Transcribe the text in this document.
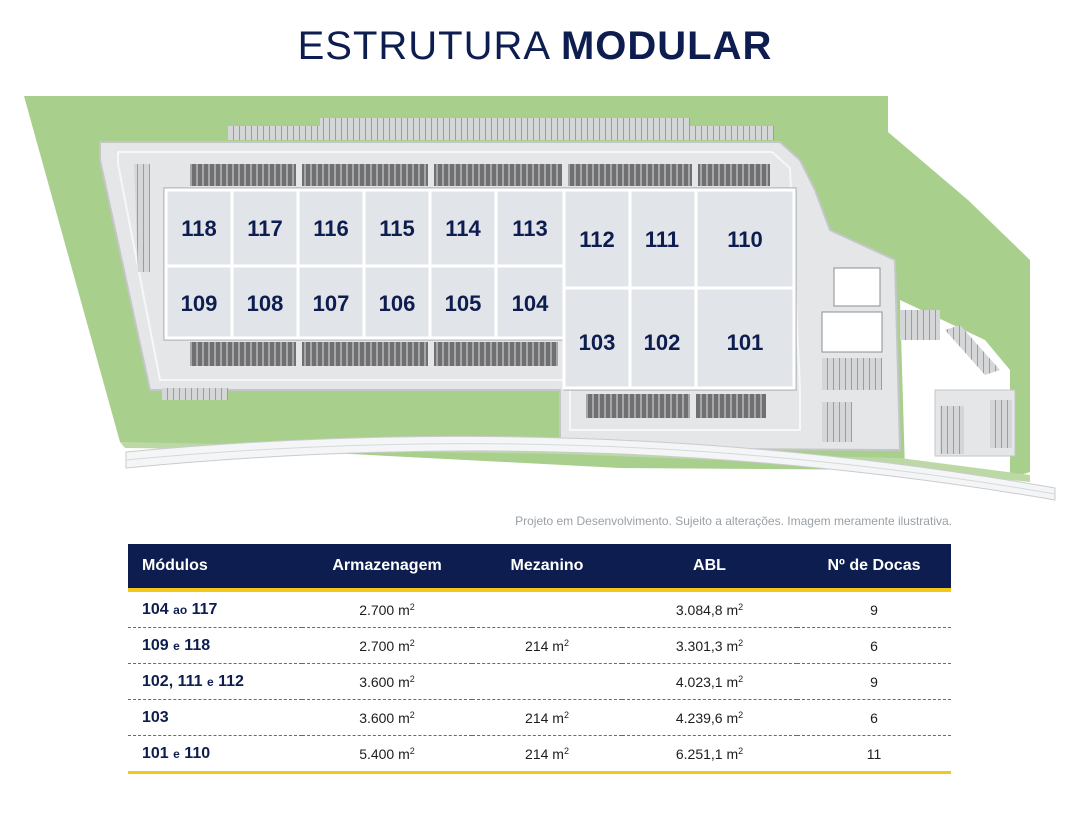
ESTRUTURA MODULAR
118 117 116 115 114 113 112 111 110
109 108 107 106 105 104
103 102 101
Projeto em Desenvolvimento. Sujeito a alterações. Imagem meramente ilustrativa.
Módulos	Armazenagem	Mezanino	ABL	Nº de Docas
104 ao 117	2.700 $m^2$		3.084,8 $m^2$	9
109 e 118	2.700 $m^2$	214 $m^2$	3.301,3 $m^2$	6
102, 111 e 112	3.600 $m^2$		4.023,1 $m^2$	9
103	3.600 $m^2$	214 $m^2$	4.239,6 $m^2$	6
101 e 110	5.400 $m^2$	214 $m^2$	6.251,1 $m^2$	11
